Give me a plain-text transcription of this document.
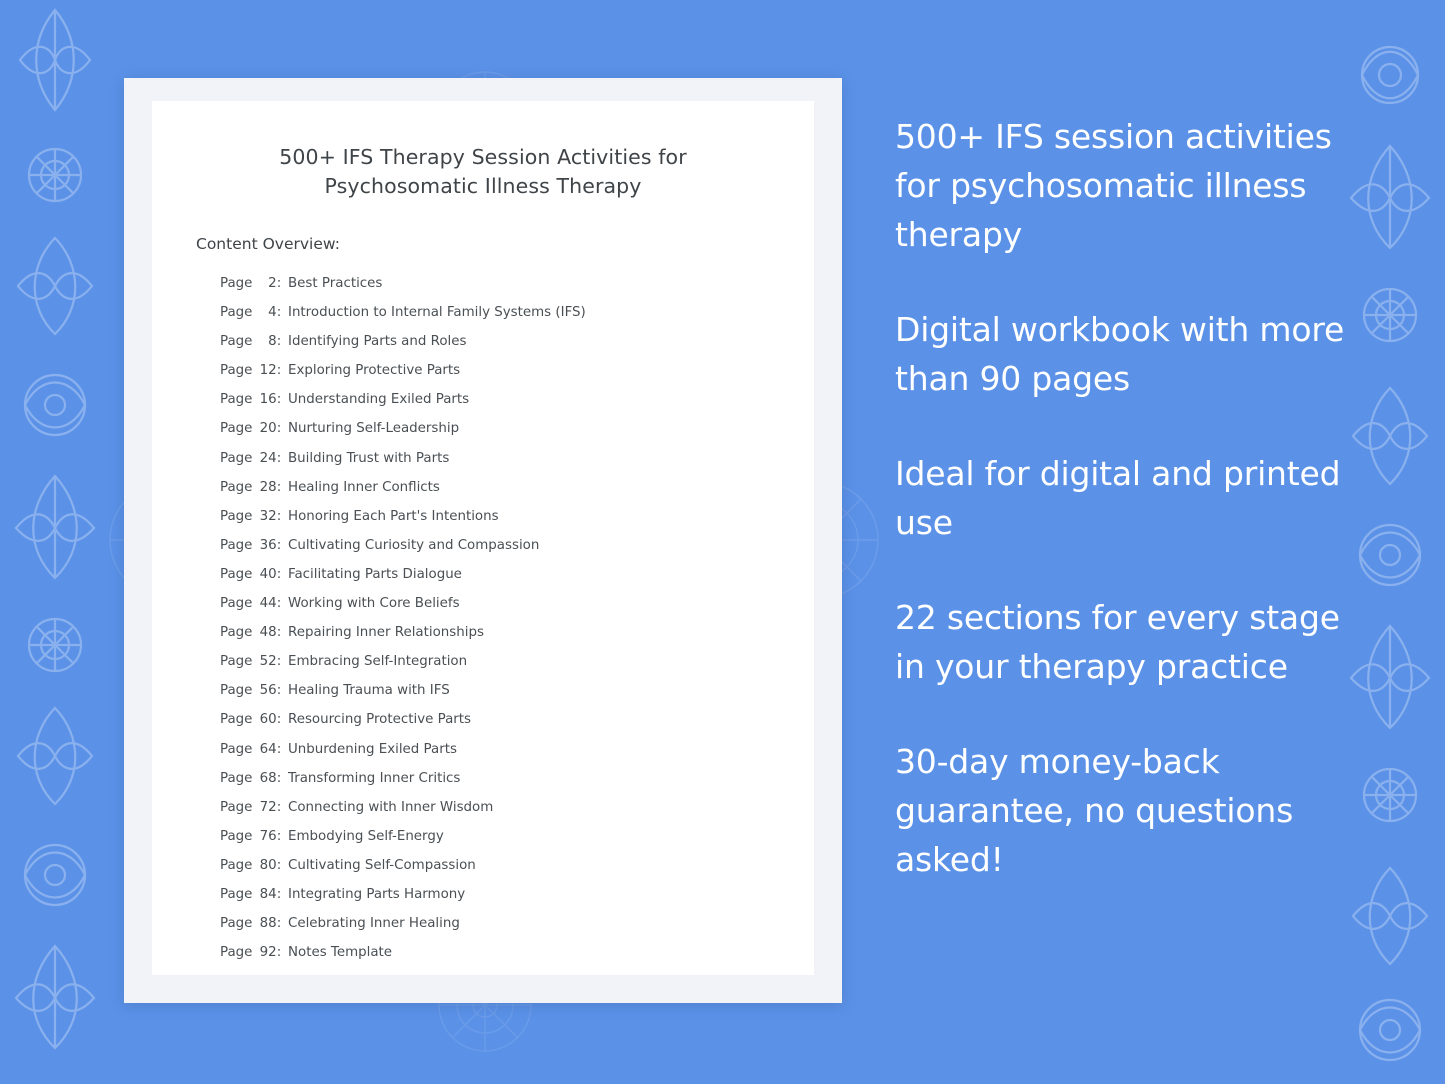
500+ IFS Therapy Session Activities for Psychosomatic Illness Therapy
Content Overview:
Page 2: Best Practices
Page 4: Introduction to Internal Family Systems (IFS)
Page 8: Identifying Parts and Roles
Page 12: Exploring Protective Parts
Page 16: Understanding Exiled Parts
Page 20: Nurturing Self-Leadership
Page 24: Building Trust with Parts
Page 28: Healing Inner Conflicts
Page 32: Honoring Each Part's Intentions
Page 36: Cultivating Curiosity and Compassion
Page 40: Facilitating Parts Dialogue
Page 44: Working with Core Beliefs
Page 48: Repairing Inner Relationships
Page 52: Embracing Self-Integration
Page 56: Healing Trauma with IFS
Page 60: Resourcing Protective Parts
Page 64: Unburdening Exiled Parts
Page 68: Transforming Inner Critics
Page 72: Connecting with Inner Wisdom
Page 76: Embodying Self-Energy
Page 80: Cultivating Self-Compassion
Page 84: Integrating Parts Harmony
Page 88: Celebrating Inner Healing
Page 92: Notes Template

500+ IFS session activities for psychosomatic illness therapy

Digital workbook with more than 90 pages

Ideal for digital and printed use

22 sections for every stage in your therapy practice

30-day money-back guarantee, no questions asked!
